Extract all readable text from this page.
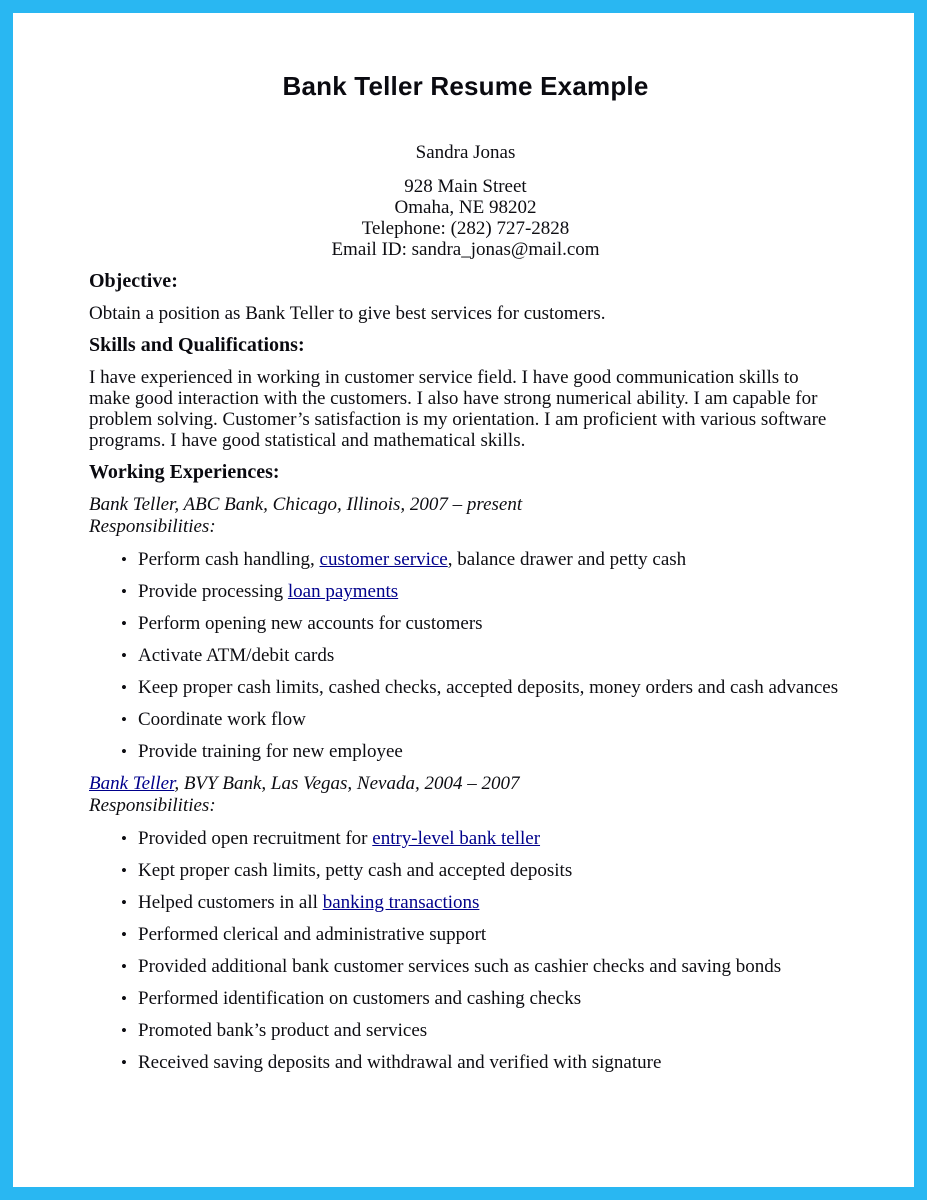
Bank Teller Resume Example

Sandra Jonas

928 Main Street

Omaha, NE 98202

Telephone: (282) 727-2828

Email ID: sandra_jonas@mail.com

Objective:

Obtain a position as Bank Teller to give best services for customers.

Skills and Qualifications:

I have experienced in working in customer service field. I have good communication skills to make good interaction with the customers. I also have strong numerical ability. I am capable for problem solving. Customer’s satisfaction is my orientation. I am proficient with various software programs. I have good statistical and mathematical skills.

Working Experiences:

Bank Teller, ABC Bank, Chicago, Illinois, 2007 – present

Responsibilities:

• Perform cash handling, customer service, balance drawer and petty cash
• Provide processing loan payments
• Perform opening new accounts for customers
• Activate ATM/debit cards
• Keep proper cash limits, cashed checks, accepted deposits, money orders and cash advances
• Coordinate work flow
• Provide training for new employee

Bank Teller, BVY Bank, Las Vegas, Nevada, 2004 – 2007

Responsibilities:

• Provided open recruitment for entry-level bank teller
• Kept proper cash limits, petty cash and accepted deposits
• Helped customers in all banking transactions
• Performed clerical and administrative support
• Provided additional bank customer services such as cashier checks and saving bonds
• Performed identification on customers and cashing checks
• Promoted bank’s product and services
• Received saving deposits and withdrawal and verified with signature
